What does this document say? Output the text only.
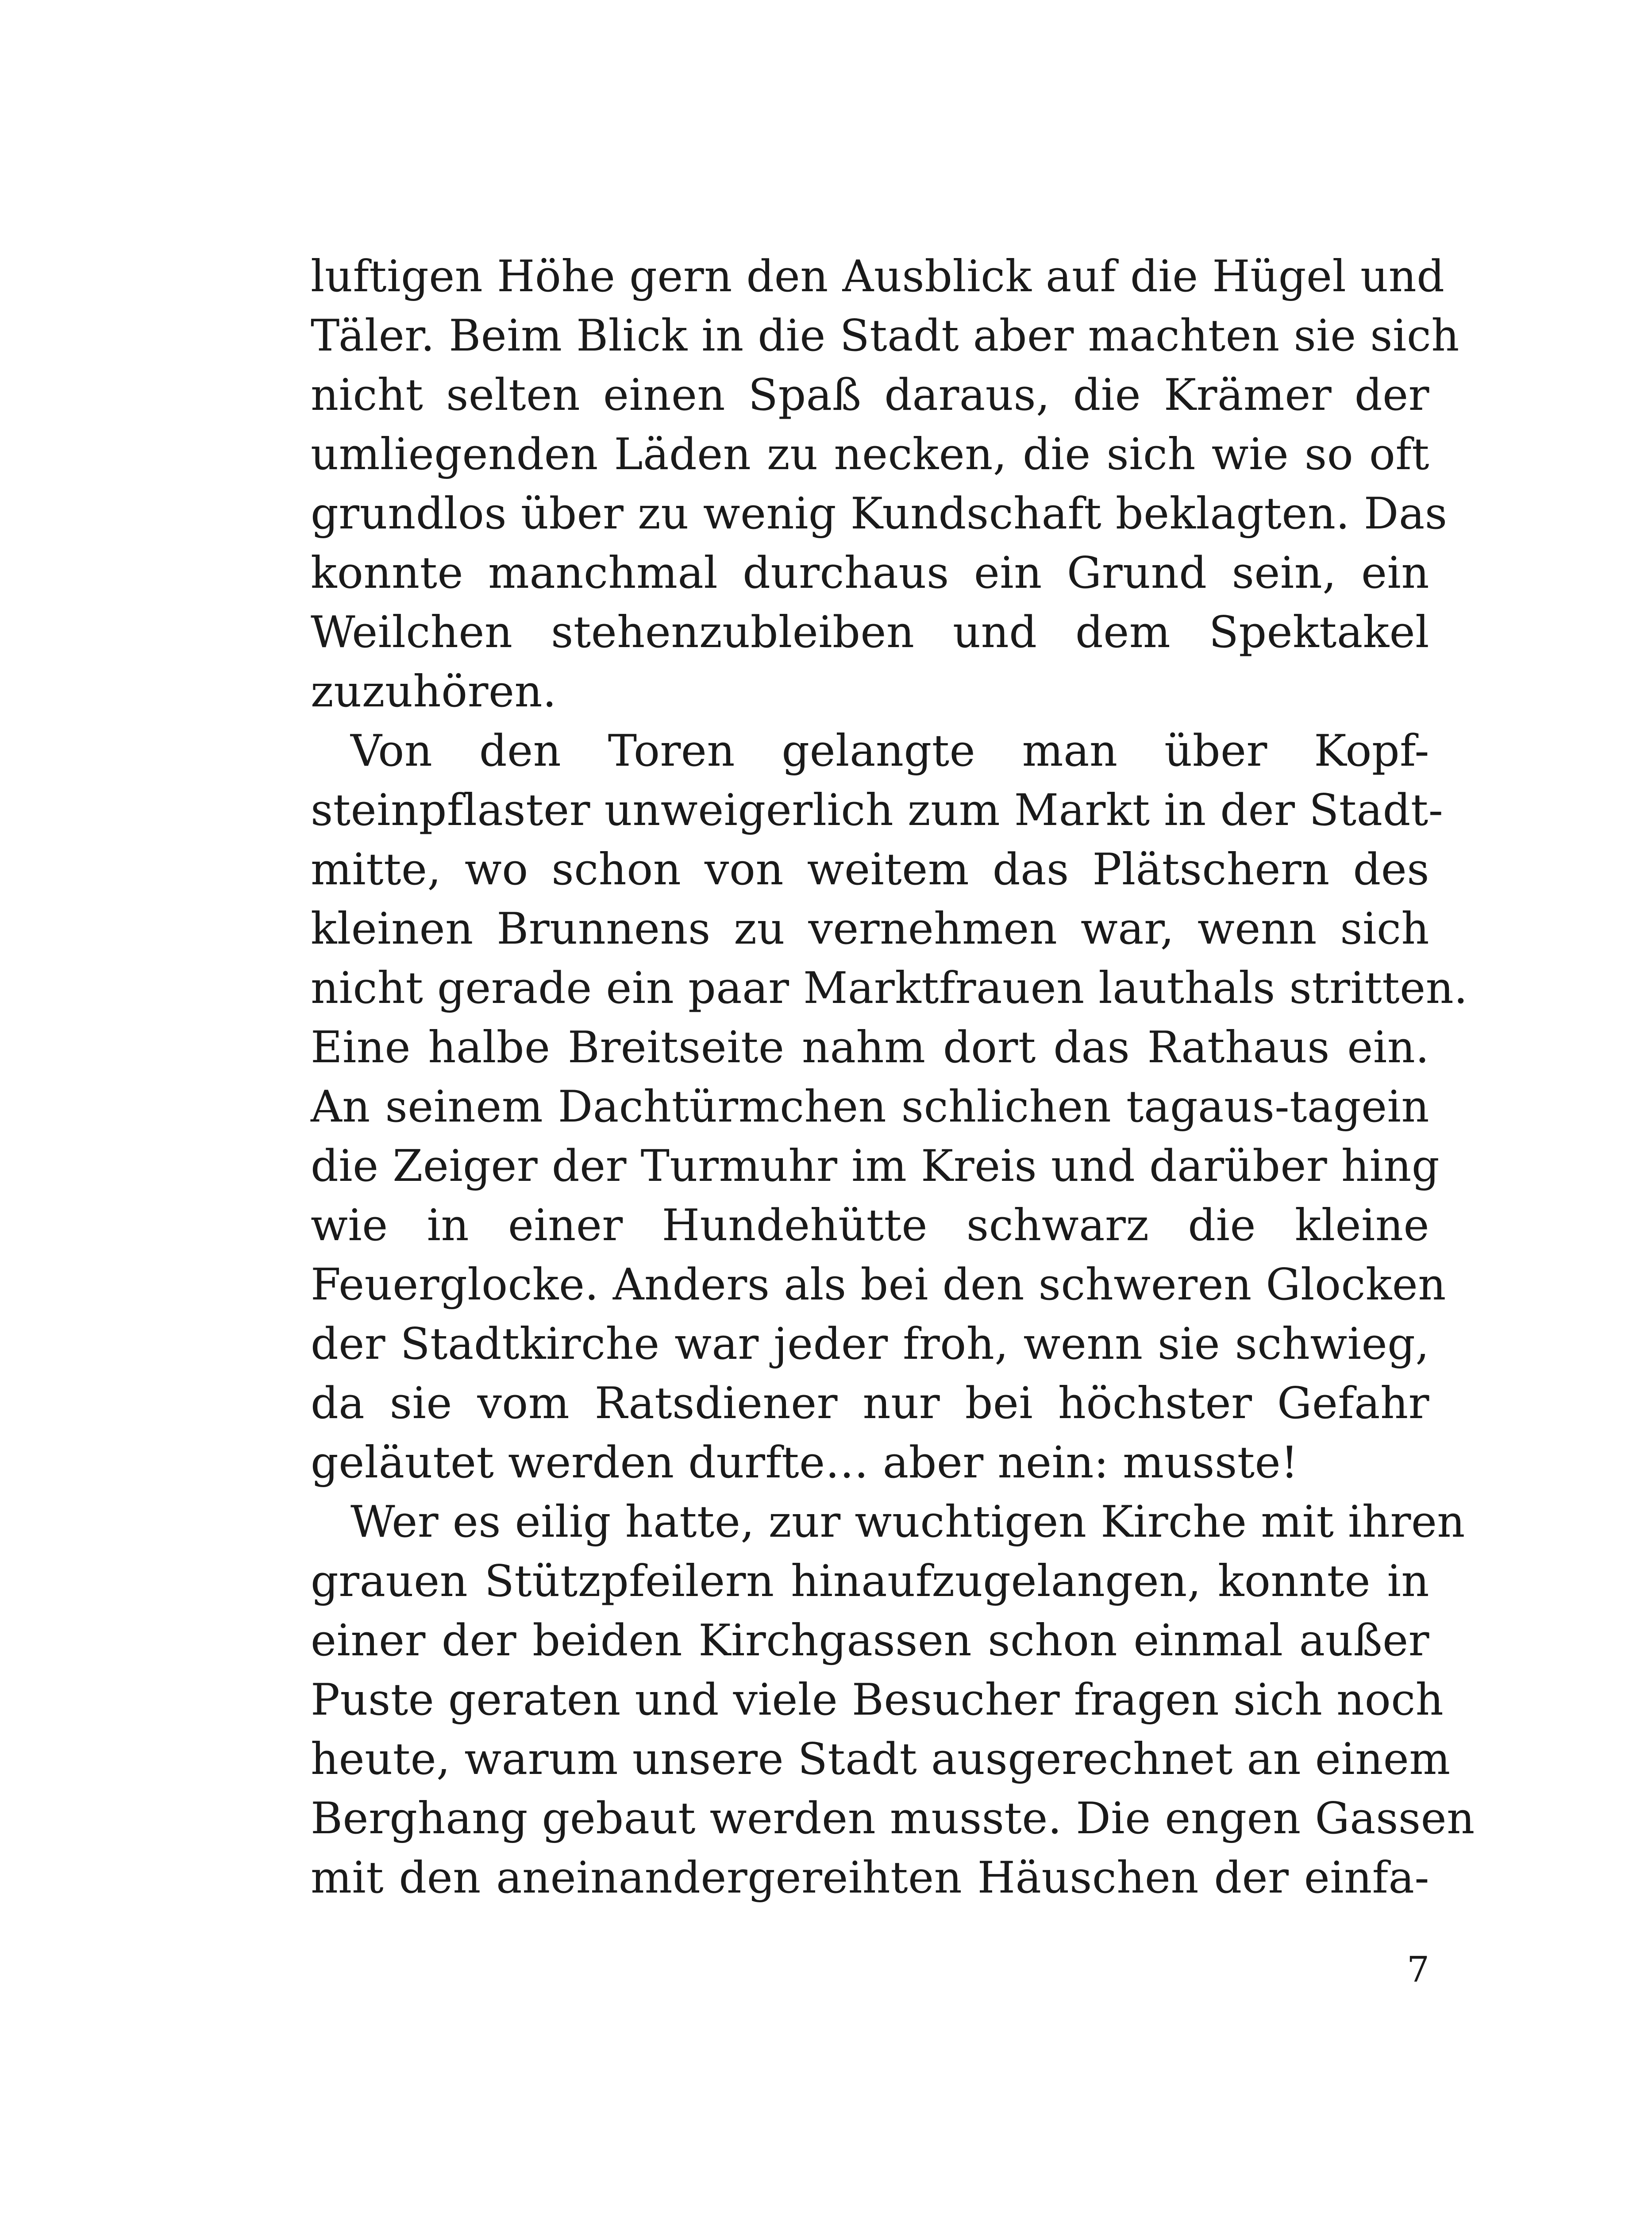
luftigen Höhe gern den Ausblick auf die Hügel und
Täler. Beim Blick in die Stadt aber machten sie sich
nicht selten einen Spaß daraus, die Krämer der
umliegenden Läden zu necken, die sich wie so oft
grundlos über zu wenig Kundschaft beklagten. Das
konnte manchmal durchaus ein Grund sein, ein
Weilchen stehenzubleiben und dem Spektakel
zuzuhören.
Von den Toren gelangte man über Kopf-
steinpflaster unweigerlich zum Markt in der Stadt-
mitte, wo schon von weitem das Plätschern des
kleinen Brunnens zu vernehmen war, wenn sich
nicht gerade ein paar Marktfrauen lauthals stritten.
Eine halbe Breitseite nahm dort das Rathaus ein.
An seinem Dachtürmchen schlichen tagaus-tagein
die Zeiger der Turmuhr im Kreis und darüber hing
wie in einer Hundehütte schwarz die kleine
Feuerglocke. Anders als bei den schweren Glocken
der Stadtkirche war jeder froh, wenn sie schwieg,
da sie vom Ratsdiener nur bei höchster Gefahr
geläutet werden durfte… aber nein: musste!
Wer es eilig hatte, zur wuchtigen Kirche mit ihren
grauen Stützpfeilern hinaufzugelangen, konnte in
einer der beiden Kirchgassen schon einmal außer
Puste geraten und viele Besucher fragen sich noch
heute, warum unsere Stadt ausgerechnet an einem
Berghang gebaut werden musste. Die engen Gassen
mit den aneinandergereihten Häuschen der einfa-
7
